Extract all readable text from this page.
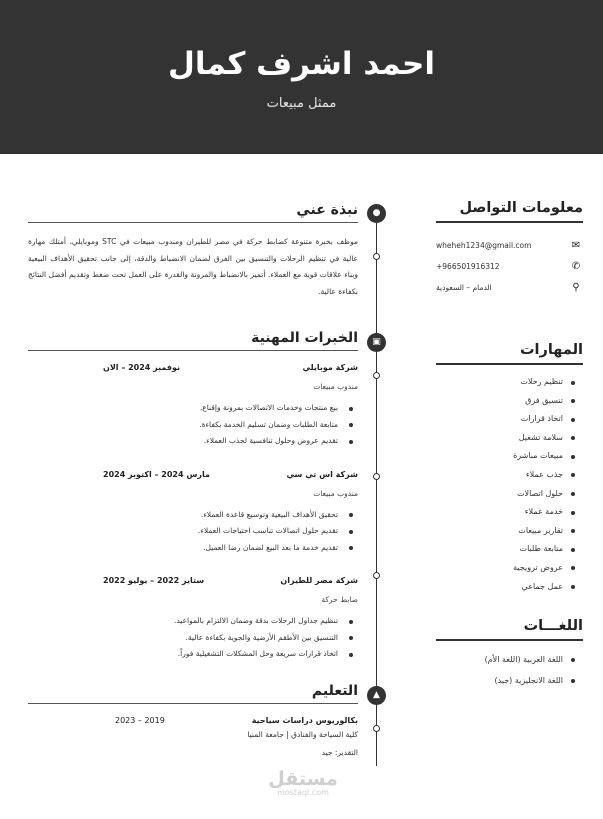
احمد اشرف كمال
ممثل مبيعات
معلومات التواصل
✉
wheheh1234@gmail.com
✆
+966501916312
⚲
الدمام – السعودية
المهارات
تنظيم رحلات
تنسيق فرق
اتخاذ قرارات
سلامة تشغيل
مبيعات مباشرة
جذب عملاء
حلول اتصالات
خدمة عملاء
تقارير مبيعات
متابعة طلبات
عروض ترويجية
عمل جماعي
اللغـــات
اللغة العربية (اللغة الأم)
اللغة الانجليزية (جيد)
●
▣
▲
نبذة عني

موظف بخبرة متنوعة كضابط حركة في مصر للطيران ومندوب مبيعات في STC وموبايلي، أمتلك مهارة عالية في تنظيم الرحلات والتنسيق بين الفرق لضمان الانضباط والدقة، إلى جانب تحقيق الأهداف البيعية وبناء علاقات قوية مع العملاء. أتميز بالانضباط والمرونة والقدرة على العمل تحت ضغط وتقديم أفضل النتائج بكفاءة عالية.

الخبرات المهنية
شركة موبايلي
نوفمبر 2024 – الان
مندوب مبيعات
بيع منتجات وخدمات الاتصالات بمرونة وإقناع.
متابعة الطلبات وضمان تسليم الخدمة بكفاءة.
تقديم عروض وحلول تنافسية لجذب العملاء.
شركة اس تي سي
مارس 2024 – اكتوبر 2024
مندوب مبيعات
تحقيق الأهداف البيعية وتوسيع قاعدة العملاء.
تقديم حلول اتصالات تناسب احتياجات العملاء.
تقديم خدمة ما بعد البيع لضمان رضا العميل.
شركة مصر للطيران
ستاير 2022 – يوليو 2022
ضابط حركة
تنظيم جداول الرحلات بدقة وضمان الالتزام بالمواعيد.
التنسيق بين الأطقم الأرضية والجوية بكفاءة عالية.
اتخاذ قرارات سريعة وحل المشكلات التشغيلية فوراً.
التعليم
بكالوريوس دراسات سياحية
2023 – 2019
كلية السياحة والفنادق | جامعة المنيا
التقدير: جيد
مستقل
mostaql.com
